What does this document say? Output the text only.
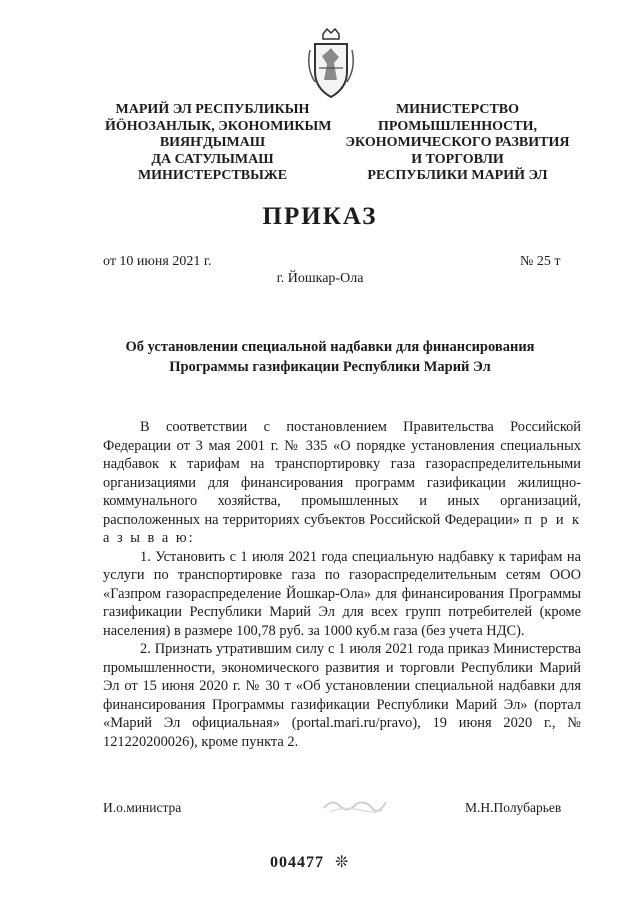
МАРИЙ ЭЛ РЕСПУБЛИКЫН
ЙӦНОЗАНЛЫК, ЭКОНОМИКЫМ
ВИЯҤДЫМАШ
ДА САТУЛЫМАШ
МИНИСТЕРСТВЫЖЕ
МИНИСТЕРСТВО
ПРОМЫШЛЕННОСТИ,
ЭКОНОМИЧЕСКОГО РАЗВИТИЯ
И ТОРГОВЛИ
РЕСПУБЛИКИ МАРИЙ ЭЛ
ПРИКАЗ
от 10 июня 2021 г.	№ 25 т
г. Йошкар-Ола
Об установлении специальной надбавки для финансирования
Программы газификации Республики Марий Эл

В соответствии с постановлением Правительства Российской Федерации от 3 мая 2001 г. № 335 «О порядке установления специальных надбавок к тарифам на транспортировку газа газораспределительными организациями для финансирования программ газификации жилищно-коммунального хозяйства, промышленных и иных организаций, расположенных на территориях субъектов Российской Федерации» п р и к а з ы в а ю:

1. Установить с 1 июля 2021 года специальную надбавку к тарифам на услуги по транспортировке газа по газораспределительным сетям ООО «Газпром газораспределение Йошкар-Ола» для финансирования Программы газификации Республики Марий Эл для всех групп потребителей (кроме населения) в размере 100,78 руб. за 1000 куб.м газа (без учета НДС).

2. Признать утратившим силу с 1 июля 2021 года приказ Министерства промышленности, экономического развития и торговли Республики Марий Эл от 15 июня 2020 г. № 30 т «Об установлении специальной надбавки для финансирования Программы газификации Республики Марий Эл» (портал «Марий Эл официальная» (portal.mari.ru/pravo), 19 июня 2020 г., № 121220200026), кроме пункта 2.

И.о.министра	М.Н.Полубарьев
004477 ❊
